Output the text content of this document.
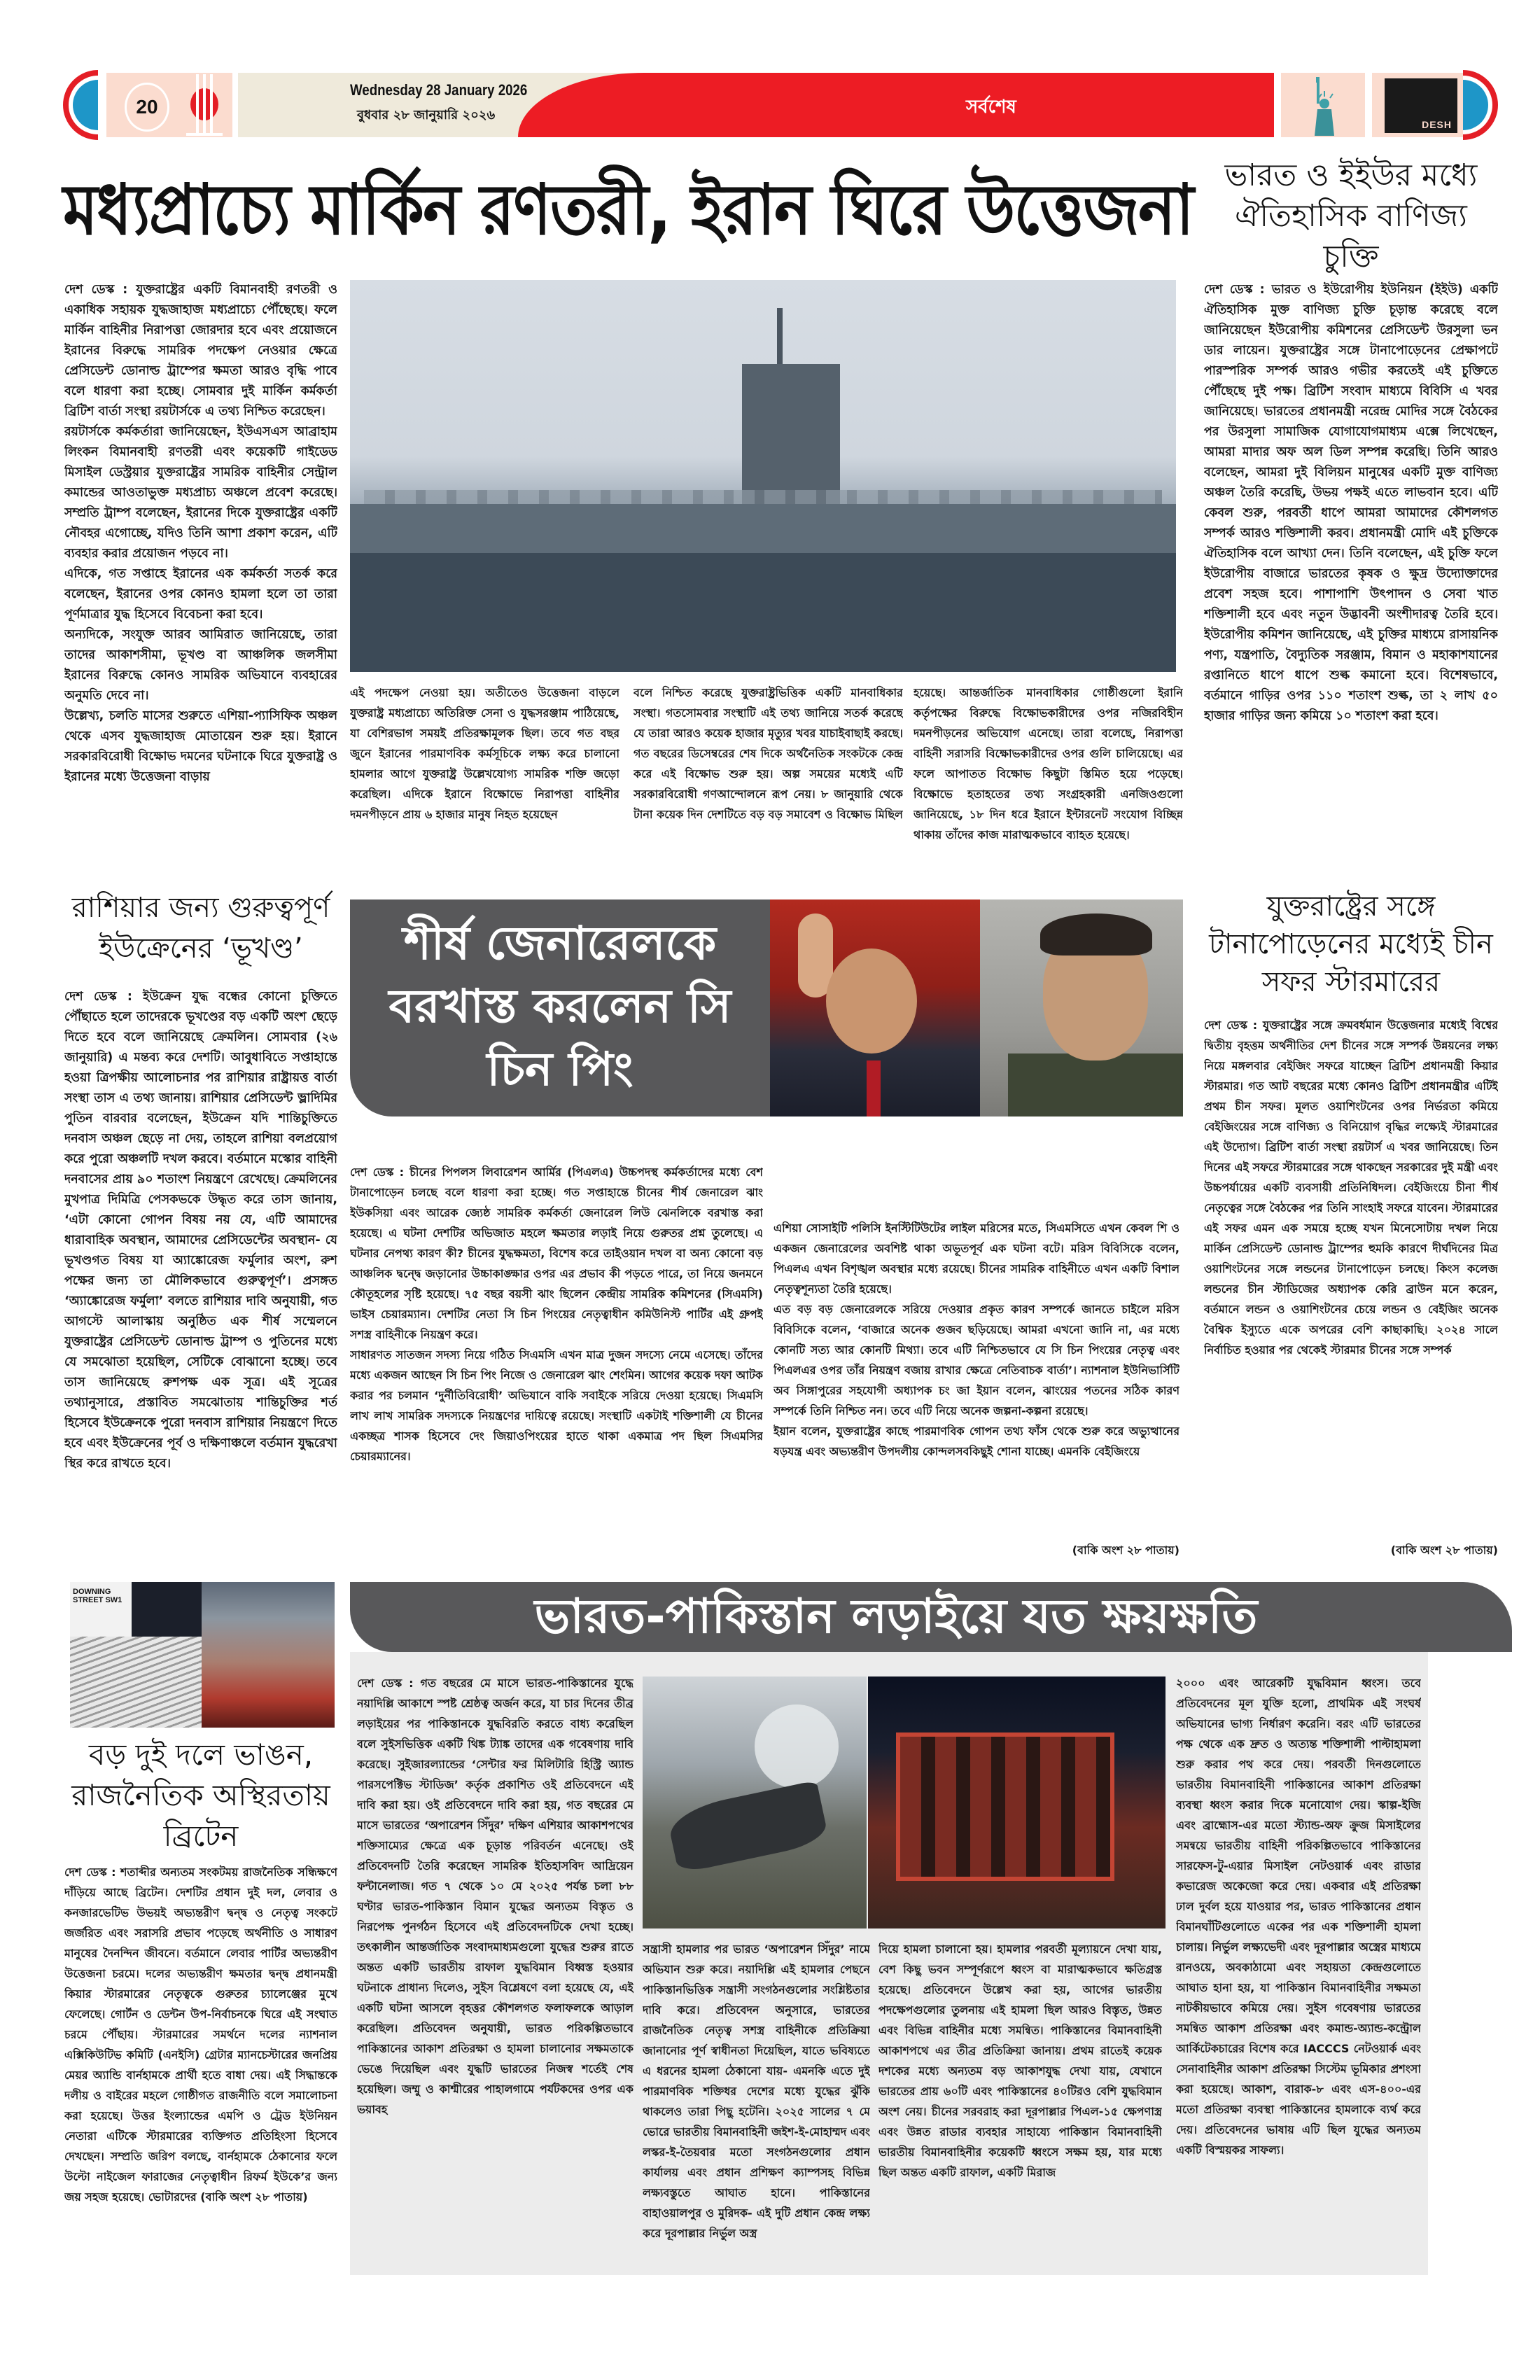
20
Wednesday 28 January 2026
বুধবার ২৮ জানুয়ারি ২০২৬	সর্বশেষ
DESH
মধ্যপ্রাচ্যে মার্কিন রণতরী, ইরান ঘিরে উত্তেজনা

দেশ ডেস্ক : যুক্তরাষ্ট্রের একটি বিমানবাহী রণতরী ও একাধিক সহায়ক যুদ্ধজাহাজ মধ্যপ্রাচ্যে পৌঁছেছে। ফলে মার্কিন বাহিনীর নিরাপত্তা জোরদার হবে এবং প্রয়োজনে ইরানের বিরুদ্ধে সামরিক পদক্ষেপ নেওয়ার ক্ষেত্রে প্রেসিডেন্ট ডোনাল্ড ট্রাম্পের ক্ষমতা আরও বৃদ্ধি পাবে বলে ধারণা করা হচ্ছে। সোমবার দুই মার্কিন কর্মকর্তা ব্রিটিশ বার্তা সংস্থা রয়টার্সকে এ তথ্য নিশ্চিত করেছেন।

রয়টার্সকে কর্মকর্তারা জানিয়েছেন, ইউএসএস আব্রাহাম লিংকন বিমানবাহী রণতরী এবং কয়েকটি গাইডেড মিসাইল ডেস্ট্রয়ার যুক্তরাষ্ট্রের সামরিক বাহিনীর সেন্ট্রাল কমান্ডের আওতাভুক্ত মধ্যপ্রাচ্য অঞ্চলে প্রবেশ করেছে। সম্প্রতি ট্রাম্প বলেছেন, ইরানের দিকে যুক্তরাষ্ট্রের একটি নৌবহর এগোচ্ছে, যদিও তিনি আশা প্রকাশ করেন, এটি ব্যবহার করার প্রয়োজন পড়বে না।

এদিকে, গত সপ্তাহে ইরানের এক কর্মকর্তা সতর্ক করে বলেছেন, ইরানের ওপর কোনও হামলা হলে তা তারা পূর্ণমাত্রার যুদ্ধ হিসেবে বিবেচনা করা হবে।

অন্যদিকে, সংযুক্ত আরব আমিরাত জানিয়েছে, তারা তাদের আকাশসীমা, ভূখণ্ড বা আঞ্চলিক জলসীমা ইরানের বিরুদ্ধে কোনও সামরিক অভিযানে ব্যবহারের অনুমতি দেবে না।

উল্লেখ্য, চলতি মাসের শুরুতে এশিয়া-প্যাসিফিক অঞ্চল থেকে এসব যুদ্ধজাহাজ মোতায়েন শুরু হয়। ইরানে সরকারবিরোধী বিক্ষোভ দমনের ঘটনাকে ঘিরে যুক্তরাষ্ট্র ও ইরানের মধ্যে উত্তেজনা বাড়ায়

এই পদক্ষেপ নেওয়া হয়। অতীতেও উত্তেজনা বাড়লে যুক্তরাষ্ট্র মধ্যপ্রাচ্যে অতিরিক্ত সেনা ও যুদ্ধসরঞ্জাম পাঠিয়েছে, যা বেশিরভাগ সময়ই প্রতিরক্ষামূলক ছিল। তবে গত বছর জুনে ইরানের পারমাণবিক কর্মসূচিকে লক্ষ্য করে চালানো হামলার আগে যুক্তরাষ্ট্র উল্লেখযোগ্য সামরিক শক্তি জড়ো করেছিল। এদিকে ইরানে বিক্ষোভে নিরাপত্তা বাহিনীর দমনপীড়নে প্রায় ৬ হাজার মানুষ নিহত হয়েছেন
বলে নিশ্চিত করেছে যুক্তরাষ্ট্রভিত্তিক একটি মানবাধিকার সংস্থা। গতসোমবার সংস্থাটি এই তথ্য জানিয়ে সতর্ক করেছে যে তারা আরও কয়েক হাজার মৃত্যুর খবর যাচাইবাছাই করছে। গত বছরের ডিসেম্বরের শেষ দিকে অর্থনৈতিক সংকটকে কেন্দ্র করে এই বিক্ষোভ শুরু হয়। অল্প সময়ের মধ্যেই এটি সরকারবিরোধী গণআন্দোলনে রূপ নেয়। ৮ জানুয়ারি থেকে টানা কয়েক দিন দেশটিতে বড় বড় সমাবেশ ও বিক্ষোভ মিছিল
হয়েছে। আন্তর্জাতিক মানবাধিকার গোষ্ঠীগুলো ইরানি কর্তৃপক্ষের বিরুদ্ধে বিক্ষোভকারীদের ওপর নজিরবিহীন দমনপীড়নের অভিযোগ এনেছে। তারা বলেছে, নিরাপত্তা বাহিনী সরাসরি বিক্ষোভকারীদের ওপর গুলি চালিয়েছে। এর ফলে আপাতত বিক্ষোভ কিছুটা স্তিমিত হয়ে পড়েছে। বিক্ষোভে হতাহতের তথ্য সংগ্রহকারী এনজিওগুলো জানিয়েছে, ১৮ দিন ধরে ইরানে ইন্টারনেট সংযোগ বিচ্ছিন্ন থাকায় তাঁদের কাজ মারাত্মকভাবে ব্যাহত হয়েছে।
ভারত ও ইইউর মধ্যে ঐতিহাসিক বাণিজ্য চুক্তি
দেশ ডেস্ক : ভারত ও ইউরোপীয় ইউনিয়ন (ইইউ) একটি ঐতিহাসিক মুক্ত বাণিজ্য চুক্তি চূড়ান্ত করেছে বলে জানিয়েছেন ইউরোপীয় কমিশনের প্রেসিডেন্ট উরসুলা ভন ডার লায়েন। যুক্তরাষ্ট্রের সঙ্গে টানাপোড়েনের প্রেক্ষাপটে পারস্পরিক সম্পর্ক আরও গভীর করতেই এই চুক্তিতে পৌঁছেছে দুই পক্ষ। ব্রিটিশ সংবাদ মাধ্যমে বিবিসি এ খবর জানিয়েছে। ভারতের প্রধানমন্ত্রী নরেন্দ্র মোদির সঙ্গে বৈঠকের পর উরসুলা সামাজিক যোগাযোগমাধ্যম এক্সে লিখেছেন, আমরা মাদার অফ অল ডিল সম্পন্ন করেছি। তিনি আরও বলেছেন, আমরা দুই বিলিয়ন মানুষের একটি মুক্ত বাণিজ্য অঞ্চল তৈরি করেছি, উভয় পক্ষই এতে লাভবান হবে। এটি কেবল শুরু, পরবর্তী ধাপে আমরা আমাদের কৌশলগত সম্পর্ক আরও শক্তিশালী করব। প্রধানমন্ত্রী মোদি এই চুক্তিকে ঐতিহাসিক বলে আখ্যা দেন। তিনি বলেছেন, এই চুক্তি ফলে ইউরোপীয় বাজারে ভারতের কৃষক ও ক্ষুদ্র উদ্যোক্তাদের প্রবেশ সহজ হবে। পাশাপাশি উৎপাদন ও সেবা খাত শক্তিশালী হবে এবং নতুন উদ্ভাবনী অংশীদারত্ব তৈরি হবে। ইউরোপীয় কমিশন জানিয়েছে, এই চুক্তির মাধ্যমে রাসায়নিক পণ্য, যন্ত্রপাতি, বৈদ্যুতিক সরঞ্জাম, বিমান ও মহাকাশযানের রপ্তানিতে ধাপে ধাপে শুল্ক কমানো হবে। বিশেষভাবে, বর্তমানে গাড়ির ওপর ১১০ শতাংশ শুল্ক, তা ২ লাখ ৫০ হাজার গাড়ির জন্য কমিয়ে ১০ শতাংশ করা হবে।
রাশিয়ার জন্য গুরুত্বপূর্ণ ইউক্রেনের ‘ভূখণ্ড’
দেশ ডেস্ক : ইউক্রেন যুদ্ধ বন্ধের কোনো চুক্তিতে পৌঁছাতে হলে তাদেরকে ভূখণ্ডের বড় একটি অংশ ছেড়ে দিতে হবে বলে জানিয়েছে ক্রেমলিন। সোমবার (২৬ জানুয়ারি) এ মন্তব্য করে দেশটি। আবুধাবিতে সপ্তাহান্তে হওয়া ত্রিপক্ষীয় আলোচনার পর রাশিয়ার রাষ্ট্রায়ত্ত বার্তা সংস্থা তাস এ তথ্য জানায়। রাশিয়ার প্রেসিডেন্ট ভ্লাদিমির পুতিন বারবার বলেছেন, ইউক্রেন যদি শান্তিচুক্তিতে দনবাস অঞ্চল ছেড়ে না দেয়, তাহলে রাশিয়া বলপ্রয়োগ করে পুরো অঞ্চলটি দখল করবে। বর্তমানে মস্কোর বাহিনী দনবাসের প্রায় ৯০ শতাংশ নিয়ন্ত্রণে রেখেছে। ক্রেমলিনের মুখপাত্র দিমিত্রি পেসকভকে উদ্ধৃত করে তাস জানায়, ‘এটা কোনো গোপন বিষয় নয় যে, এটি আমাদের ধারাবাহিক অবস্থান, আমাদের প্রেসিডেন্টের অবস্থান- যে ভূখণ্ডগত বিষয় যা অ্যাঙ্কোরেজ ফর্মুলার অংশ, রুশ পক্ষের জন্য তা মৌলিকভাবে গুরুত্বপূর্ণ’। প্রসঙ্গত ‘অ্যাঙ্কোরেজ ফর্মুলা’ বলতে রাশিয়ার দাবি অনুযায়ী, গত আগস্টে আলাস্কায় অনুষ্ঠিত এক শীর্ষ সম্মেলনে যুক্তরাষ্ট্রের প্রেসিডেন্ট ডোনাল্ড ট্রাম্প ও পুতিনের মধ্যে যে সমঝোতা হয়েছিল, সেটিকে বোঝানো হচ্ছে। তবে তাস জানিয়েছে রুশপক্ষ এক সূত্র। এই সূত্রের তথ্যানুসারে, প্রস্তাবিত সমঝোতায় শান্তিচুক্তির শর্ত হিসেবে ইউক্রেনকে পুরো দনবাস রাশিয়ার নিয়ন্ত্রণে দিতে হবে এবং ইউক্রেনের পূর্ব ও দক্ষিণাঞ্চলে বর্তমান যুদ্ধরেখা স্থির করে রাখতে হবে।
শীর্ষ জেনারেলকে বরখাস্ত করলেন সি চিন পিং

দেশ ডেস্ক : চীনের পিপলস লিবারেশন আর্মির (পিএলএ) উচ্চপদস্থ কর্মকর্তাদের মধ্যে বেশ টানাপোড়েন চলছে বলে ধারণা করা হচ্ছে। গত সপ্তাহান্তে চীনের শীর্ষ জেনারেল ঝাং ইউকসিয়া এবং আরেক জ্যেষ্ঠ সামরিক কর্মকর্তা জেনারেল লিউ ঝেনলিকে বরখাস্ত করা হয়েছে। এ ঘটনা দেশটির অভিজাত মহলে ক্ষমতার লড়াই নিয়ে গুরুতর প্রশ্ন তুলেছে। এ ঘটনার নেপথ্য কারণ কী? চীনের যুদ্ধক্ষমতা, বিশেষ করে তাইওয়ান দখল বা অন্য কোনো বড় আঞ্চলিক দ্বন্দ্বে জড়ানোর উচ্চাকাঙ্ক্ষার ওপর এর প্রভাব কী পড়তে পারে, তা নিয়ে জনমনে কৌতূহলের সৃষ্টি হয়েছে। ৭৫ বছর বয়সী ঝাং ছিলেন কেন্দ্রীয় সামরিক কমিশনের (সিএমসি) ভাইস চেয়ারম্যান। দেশটির নেতা সি চিন পিংয়ের নেতৃত্বাধীন কমিউনিস্ট পার্টির এই গ্রুপই সশস্ত্র বাহিনীকে নিয়ন্ত্রণ করে।

সাধারণত সাতজন সদস্য নিয়ে গঠিত সিএমসি এখন মাত্র দুজন সদস্যে নেমে এসেছে। তাঁদের মধ্যে একজন আছেন সি চিন পিং নিজে ও জেনারেল ঝাং শেংমিন। আগের কয়েক দফা আটক করার পর চলমান ‘দুর্নীতিবিরোধী’ অভিযানে বাকি সবাইকে সরিয়ে দেওয়া হয়েছে। সিএমসি লাখ লাখ সামরিক সদস্যকে নিয়ন্ত্রণের দায়িত্বে রয়েছে। সংস্থাটি একটাই শক্তিশালী যে চীনের একচ্ছত্র শাসক হিসেবে দেং জিয়াওপিংয়ের হাতে থাকা একমাত্র পদ ছিল সিএমসির চেয়ারম্যানের।

এশিয়া সোসাইটি পলিসি ইনস্টিটিউটের লাইল মরিসের মতে, সিএমসিতে এখন কেবল শি ও একজন জেনারেলের অবশিষ্ট থাকা অভূতপূর্ব এক ঘটনা বটে। মরিস বিবিসিকে বলেন, পিএলএ এখন বিশৃঙ্খল অবস্থার মধ্যে রয়েছে। চীনের সামরিক বাহিনীতে এখন একটি বিশাল নেতৃত্বশূন্যতা তৈরি হয়েছে।

এত বড় বড় জেনারেলকে সরিয়ে দেওয়ার প্রকৃত কারণ সম্পর্কে জানতে চাইলে মরিস বিবিসিকে বলেন, ‘বাজারে অনেক গুজব ছড়িয়েছে। আমরা এখনো জানি না, এর মধ্যে কোনটি সত্য আর কোনটি মিথ্যা। তবে এটি নিশ্চিতভাবে যে সি চিন পিংয়ের নেতৃত্ব এবং পিএলএর ওপর তাঁর নিয়ন্ত্রণ বজায় রাখার ক্ষেত্রে নেতিবাচক বার্তা’। ন্যাশনাল ইউনিভার্সিটি অব সিঙ্গাপুরের সহযোগী অধ্যাপক চং জা ইয়ান বলেন, ঝাংয়ের পতনের সঠিক কারণ সম্পর্কে তিনি নিশ্চিত নন। তবে এটি নিয়ে অনেক জল্পনা-কল্পনা রয়েছে।

ইয়ান বলেন, যুক্তরাষ্ট্রের কাছে পারমাণবিক গোপন তথ্য ফাঁস থেকে শুরু করে অভ্যুত্থানের ষড়যন্ত্র এবং অভ্যন্তরীণ উপদলীয় কোন্দলসবকিছুই শোনা যাচ্ছে। এমনকি বেইজিংয়ে

(বাকি অংশ ২৮ পাতায়)
যুক্তরাষ্ট্রের সঙ্গে টানাপোড়েনের মধ্যেই চীন সফর স্টারমারের
দেশ ডেস্ক : যুক্তরাষ্ট্রের সঙ্গে ক্রমবর্ধমান উত্তেজনার মধ্যেই বিশ্বের দ্বিতীয় বৃহত্তম অর্থনীতির দেশ চীনের সঙ্গে সম্পর্ক উন্নয়নের লক্ষ্য নিয়ে মঙ্গলবার বেইজিং সফরে যাচ্ছেন ব্রিটিশ প্রধানমন্ত্রী কিয়ার স্টারমার। গত আট বছরের মধ্যে কোনও ব্রিটিশ প্রধানমন্ত্রীর এটিই প্রথম চীন সফর। মূলত ওয়াশিংটনের ওপর নির্ভরতা কমিয়ে বেইজিংয়ের সঙ্গে বাণিজ্য ও বিনিয়োগ বৃদ্ধির লক্ষ্যেই স্টারমারের এই উদ্যোগ। ব্রিটিশ বার্তা সংস্থা রয়টার্স এ খবর জানিয়েছে। তিন দিনের এই সফরে স্টারমারের সঙ্গে থাকছেন সরকারের দুই মন্ত্রী এবং উচ্চপর্যায়ের একটি ব্যবসায়ী প্রতিনিধিদল। বেইজিংয়ে চীনা শীর্ষ নেতৃত্বের সঙ্গে বৈঠকের পর তিনি সাংহাই সফরে যাবেন। স্টারমারের এই সফর এমন এক সময়ে হচ্ছে যখন মিনেসোটায় দখল নিয়ে মার্কিন প্রেসিডেন্ট ডোনাল্ড ট্রাম্পের হুমকি কারণে দীর্ঘদিনের মিত্র ওয়াশিংটনের সঙ্গে লন্ডনের টানাপোড়েন চলছে। কিংস কলেজ লন্ডনের চীন স্টাডিজের অধ্যাপক কেরি ব্রাউন মনে করেন, বর্তমানে লন্ডন ও ওয়াশিংটনের চেয়ে লন্ডন ও বেইজিং অনেক বৈশ্বিক ইস্যুতে একে অপরের বেশি কাছাকাছি। ২০২৪ সালে নির্বাচিত হওয়ার পর থেকেই স্টারমার চীনের সঙ্গে সম্পর্ক
(বাকি অংশ ২৮ পাতায়)
DOWNING STREET SW1
বড় দুই দলে ভাঙন, রাজনৈতিক অস্থিরতায় ব্রিটেন
দেশ ডেস্ক : শতাব্দীর অন্যতম সংকটময় রাজনৈতিক সন্ধিক্ষণে দাঁড়িয়ে আছে ব্রিটেন। দেশটির প্রধান দুই দল, লেবার ও কনজারভেটিভ উভয়ই অভ্যন্তরীণ দ্বন্দ্ব ও নেতৃত্ব সংকটে জর্জরিত এবং সরাসরি প্রভাব পড়েছে অর্থনীতি ও সাধারণ মানুষের দৈনন্দিন জীবনে। বর্তমানে লেবার পার্টির অভ্যন্তরীণ উত্তেজনা চরমে। দলের অভ্যন্তরীণ ক্ষমতার দ্বন্দ্ব প্রধানমন্ত্রী কিয়ার স্টারমারের নেতৃত্বকে গুরুতর চ্যালেঞ্জের মুখে ফেলেছে। গোর্টন ও ডেন্টন উপ-নির্বাচনকে ঘিরে এই সংঘাত চরমে পৌঁছায়। স্টারমারের সমর্থনে দলের ন্যাশনাল এক্সিকিউটিভ কমিটি (এনইসি) গ্রেটার ম্যানচেস্টারের জনপ্রিয় মেয়র অ্যান্ডি বার্নহামকে প্রার্থী হতে বাধা দেয়। এই সিদ্ধান্তকে দলীয় ও বাইরের মহলে গোষ্ঠীগত রাজনীতি বলে সমালোচনা করা হয়েছে। উত্তর ইংল্যান্ডের এমপি ও ট্রেড ইউনিয়ন নেতারা এটিকে স্টারমারের ব্যক্তিগত প্রতিহিংসা হিসেবে দেখছেন। সম্প্রতি জরিপ বলছে, বার্নহামকে ঠেকানোর ফলে উল্টো নাইজেল ফারাজের নেতৃত্বাধীন রিফর্ম ইউকে’র জন্য জয় সহজ হয়েছে। ভোটারদের (বাকি অংশ ২৮ পাতায়)
ভারত-পাকিস্তান লড়াইয়ে যত ক্ষয়ক্ষতি
দেশ ডেস্ক : গত বছরের মে মাসে ভারত-পাকিস্তানের যুদ্ধে নয়াদিল্লি আকাশে স্পষ্ট শ্রেষ্ঠত্ব অর্জন করে, যা চার দিনের তীব্র লড়াইয়ের পর পাকিস্তানকে যুদ্ধবিরতি করতে বাধ্য করেছিল বলে সুইসভিত্তিক একটি থিঙ্ক ট্যাঙ্ক তাদের এক গবেষণায় দাবি করেছে। সুইজারল্যান্ডের ‘সেন্টার ফর মিলিটারি হিস্ট্রি অ্যান্ড পারসপেক্টিভ স্টাডিজ’ কর্তৃক প্রকাশিত ওই প্রতিবেদনে এই দাবি করা হয়। ওই প্রতিবেদনে দাবি করা হয়, গত বছরের মে মাসে ভারতের ‘অপারেশন সিঁদুর’ দক্ষিণ এশিয়ার আকাশপথের শক্তিসাম্যের ক্ষেত্রে এক চূড়ান্ত পরিবর্তন এনেছে। ওই প্রতিবেদনটি তৈরি করেছেন সামরিক ইতিহাসবিদ আদ্রিয়েন ফন্টানেলাজ। গত ৭ থেকে ১০ মে ২০২৫ পর্যন্ত চলা ৮৮ ঘণ্টার ভারত-পাকিস্তান বিমান যুদ্ধের অন্যতম বিস্তৃত ও নিরপেক্ষ পুনর্গঠন হিসেবে এই প্রতিবেদনটিকে দেখা হচ্ছে। তৎকালীন আন্তর্জাতিক সংবাদমাধ্যমগুলো যুদ্ধের শুরুর রাতে অন্তত একটি ভারতীয় রাফাল যুদ্ধবিমান বিধ্বস্ত হওয়ার ঘটনাকে প্রাধান্য দিলেও, সুইস বিশ্লেষণে বলা হয়েছে যে, এই একটি ঘটনা আসলে বৃহত্তর কৌশলগত ফলাফলকে আড়াল করেছিল। প্রতিবেদন অনুযায়ী, ভারত পরিকল্পিতভাবে পাকিস্তানের আকাশ প্রতিরক্ষা ও হামলা চালানোর সক্ষমতাকে ভেঙে দিয়েছিল এবং যুদ্ধটি ভারতের নিজস্ব শর্তেই শেষ হয়েছিল। জম্মু ও কাশ্মীরের পাহালগামে পর্যটকদের ওপর এক ভয়াবহ
সন্ত্রাসী হামলার পর ভারত ‘অপারেশন সিঁদুর’ নামে অভিযান শুরু করে। নয়াদিল্লি এই হামলার পেছনে পাকিস্তানভিত্তিক সন্ত্রাসী সংগঠনগুলোর সংশ্লিষ্টতার দাবি করে। প্রতিবেদন অনুসারে, ভারতের রাজনৈতিক নেতৃত্ব সশস্ত্র বাহিনীকে প্রতিক্রিয়া জানানোর পূর্ণ স্বাধীনতা দিয়েছিল, যাতে ভবিষ্যতে এ ধরনের হামলা ঠেকানো যায়- এমনকি এতে দুই পারমাণবিক শক্তিধর দেশের মধ্যে যুদ্ধের ঝুঁকি থাকলেও তারা পিছু হটেনি। ২০২৫ সালের ৭ মে ভোরে ভারতীয় বিমানবাহিনী জইশ-ই-মোহাম্মদ এবং লস্কর-ই-তৈয়বার মতো সংগঠনগুলোর প্রধান কার্যালয় এবং প্রধান প্রশিক্ষণ ক্যাম্পসহ বিভিন্ন লক্ষ্যবস্তুতে আঘাত হানে। পাকিস্তানের বাহাওয়ালপুর ও মুরিদক- এই দুটি প্রধান কেন্দ্র লক্ষ্য করে দূরপাল্লার নির্ভুল অস্ত্র
দিয়ে হামলা চালানো হয়। হামলার পরবর্তী মূল্যায়নে দেখা যায়, বেশ কিছু ভবন সম্পূর্ণরূপে ধ্বংস বা মারাত্মকভাবে ক্ষতিগ্রস্ত হয়েছে। প্রতিবেদনে উল্লেখ করা হয়, আগের ভারতীয় পদক্ষেপগুলোর তুলনায় এই হামলা ছিল আরও বিস্তৃত, উন্নত এবং বিভিন্ন বাহিনীর মধ্যে সমন্বিত। পাকিস্তানের বিমানবাহিনী আকাশপথে এর তীব্র প্রতিক্রিয়া জানায়। প্রথম রাতেই কয়েক দশকের মধ্যে অন্যতম বড় আকাশযুদ্ধ দেখা যায়, যেখানে ভারতের প্রায় ৬০টি এবং পাকিস্তানের ৪০টিরও বেশি যুদ্ধবিমান অংশ নেয়। চীনের সরবরাহ করা দূরপাল্লার পিএল-১৫ ক্ষেপণাস্ত্র এবং উন্নত রাডার ব্যবহার সাহায্যে পাকিস্তান বিমানবাহিনী ভারতীয় বিমানবাহিনীর কয়েকটি ধ্বংসে সক্ষম হয়, যার মধ্যে ছিল অন্তত একটি রাফাল, একটি মিরাজ
২০০০ এবং আরেকটি যুদ্ধবিমান ধ্বংস। তবে প্রতিবেদনের মূল যুক্তি হলো, প্রাথমিক এই সংঘর্ষ অভিযানের ভাগ্য নির্ধারণ করেনি। বরং এটি ভারতের পক্ষ থেকে এক দ্রুত ও অত্যন্ত শক্তিশালী পাল্টাহামলা শুরু করার পথ করে দেয়। পরবর্তী দিনগুলোতে ভারতীয় বিমানবাহিনী পাকিস্তানের আকাশ প্রতিরক্ষা ব্যবস্থা ধ্বংস করার দিকে মনোযোগ দেয়। স্কাল্প-ইজি এবং ব্রাহ্মোস-এর মতো স্ট্যান্ড-অফ ক্রুজ মিসাইলের সমন্বয়ে ভারতীয় বাহিনী পরিকল্পিতভাবে পাকিস্তানের সারফেস-টু-এয়ার মিসাইল নেটওয়ার্ক এবং রাডার কভারেজ অকেজো করে দেয়। একবার এই প্রতিরক্ষা ঢাল দুর্বল হয়ে যাওয়ার পর, ভারত পাকিস্তানের প্রধান বিমানঘাঁটিগুলোতে একের পর এক শক্তিশালী হামলা চালায়। নির্ভুল লক্ষ্যভেদী এবং দূরপাল্লার অস্ত্রের মাধ্যমে রানওয়ে, অবকাঠামো এবং সহায়তা কেন্দ্রগুলোতে আঘাত হানা হয়, যা পাকিস্তান বিমানবাহিনীর সক্ষমতা নাটকীয়ভাবে কমিয়ে দেয়। সুইস গবেষণায় ভারতের সমন্বিত আকাশ প্রতিরক্ষা এবং কমান্ড-অ্যান্ড-কন্ট্রোল আর্কিটেকচারের বিশেষ করে IACCCS নেটওয়ার্ক এবং সেনাবাহিনীর আকাশ প্রতিরক্ষা সিস্টেম ভূমিকার প্রশংসা করা হয়েছে। আকাশ, বারাক-৮ এবং এস-৪০০-এর মতো প্রতিরক্ষা ব্যবস্থা পাকিস্তানের হামলাকে ব্যর্থ করে দেয়। প্রতিবেদনের ভাষায় এটি ছিল যুদ্ধের অন্যতম একটি বিস্ময়কর সাফল্য।
